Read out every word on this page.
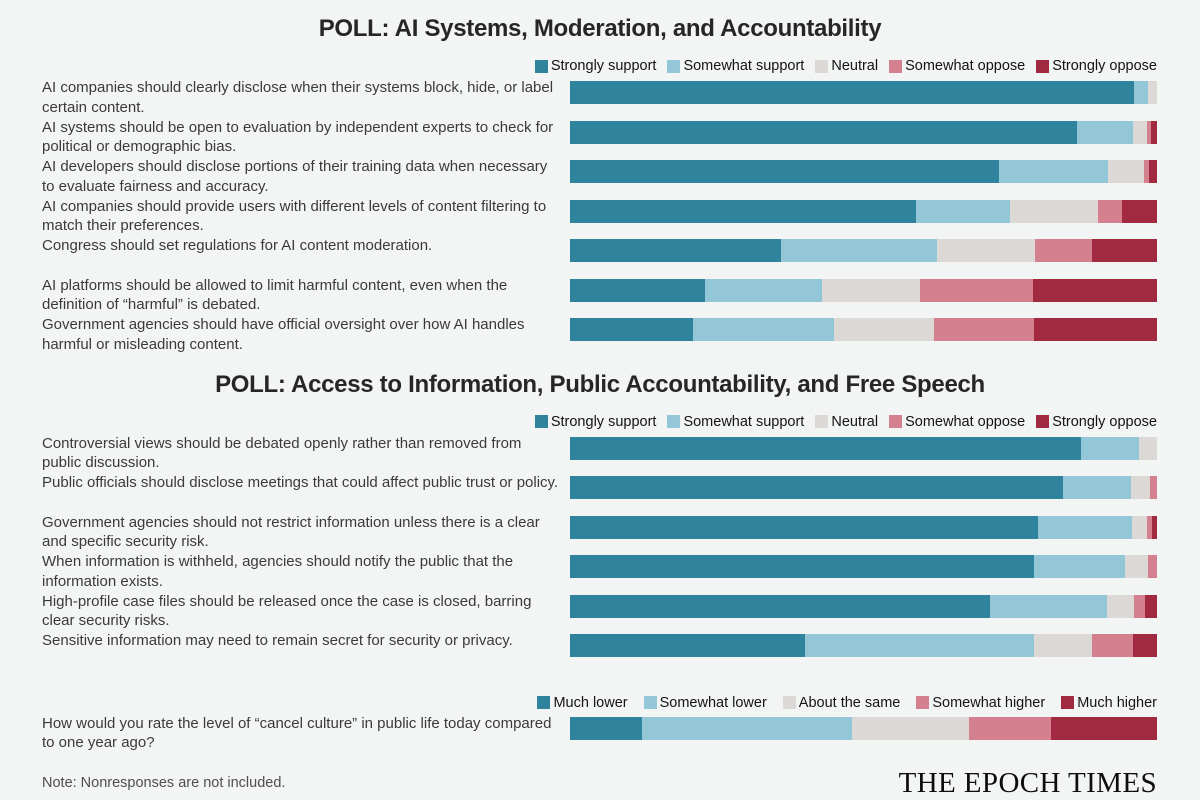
POLL: AI Systems, Moderation, and Accountability
Strongly support Somewhat support Neutral Somewhat oppose Strongly oppose
AI companies should clearly disclose when their systems block, hide, or label certain content.
AI systems should be open to evaluation by independent experts to check for political or demographic bias.
AI developers should disclose portions of their training data when necessary to evaluate fairness and accuracy.
AI companies should provide users with different levels of content filtering to match their preferences.
Congress should set regulations for AI content moderation.
AI platforms should be allowed to limit harmful content, even when the definition of “harmful” is debated.
Government agencies should have official oversight over how AI handles harmful or misleading content.
POLL: Access to Information, Public Accountability, and Free Speech
Strongly support Somewhat support Neutral Somewhat oppose Strongly oppose
Controversial views should be debated openly rather than removed from public discussion.
Public officials should disclose meetings that could affect public trust or policy.
Government agencies should not restrict information unless there is a clear and specific security risk.
When information is withheld, agencies should notify the public that the information exists.
High-profile case files should be released once the case is closed, barring clear security risks.
Sensitive information may need to remain secret for security or privacy.
Much lower Somewhat lower About the same Somewhat higher Much higher
How would you rate the level of “cancel culture” in public life today compared to one year ago?
Note: Nonresponses are not included.	THE EPOCH TIMES
